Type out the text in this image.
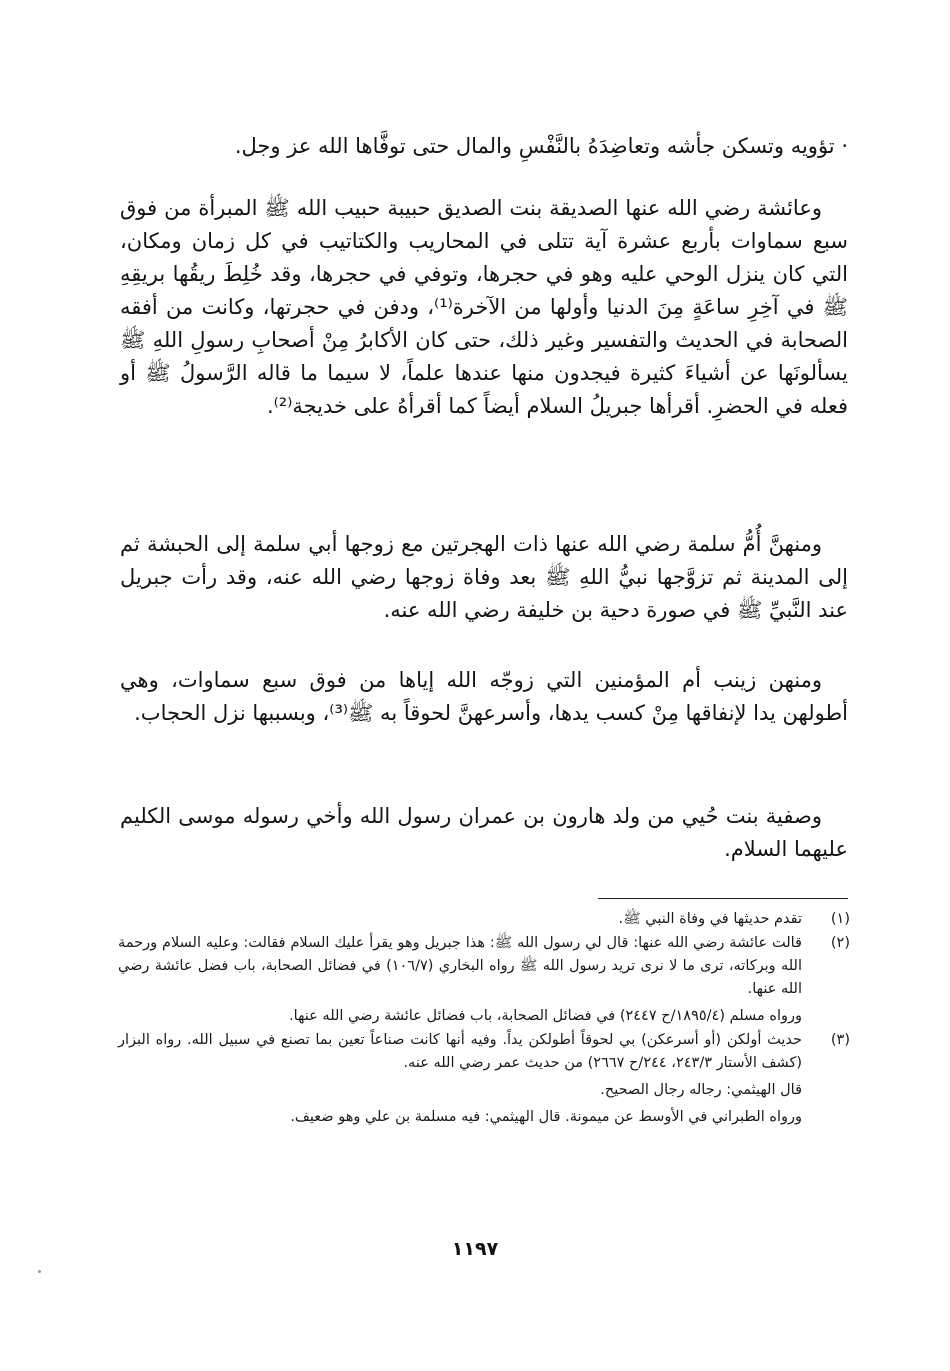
· تؤويه وتسكن جأشه وتعاضِدَهُ بالنَّفْسِ والمال حتى توفَّاها الله عز وجل.

وعائشة رضي الله عنها الصديقة بنت الصديق حبيبة حبيب الله ﷺ المبرأة من فوق سبع سماوات بأربع عشرة آية تتلى في المحاريب والكتاتيب في كل زمان ومكان، التي كان ينزل الوحي عليه وهو في حجرها، وتوفي في حجرها، وقد خُلِطَ ريقُها بريقِهِ ﷺ في آخِرِ ساعَةٍ مِنَ الدنيا وأولها من الآخرة⁽¹⁾، ودفن في حجرتها، وكانت من أفقه الصحابة في الحديث والتفسير وغير ذلك، حتى كان الأكابرُ مِنْ أصحابِ رسولِ اللهِ ﷺ يسألونَها عن أشياءَ كثيرة فيجدون منها عندها علماً، لا سيما ما قاله الرَّسولُ ﷺ أو فعله في الحضرِ. أقرأها جبريلُ السلام أيضاً كما أقرأهُ على خديجة⁽²⁾.

ومنهنَّ أُمُّ سلمة رضي الله عنها ذات الهجرتين مع زوجها أبي سلمة إلى الحبشة ثم إلى المدينة ثم تزوَّجها نبيُّ اللهِ ﷺ بعد وفاة زوجها رضي الله عنه، وقد رأت جبريل عند النَّبيِّ ﷺ في صورة دحية بن خليفة رضي الله عنه.

ومنهن زينب أم المؤمنين التي زوجّه الله إياها من فوق سبع سماوات، وهي أطولهن يدا لإنفاقها مِنْ كسب يدها، وأسرعهنَّ لحوقاً به ﷺ⁽³⁾، وبسببها نزل الحجاب.

وصفية بنت حُيي من ولد هارون بن عمران رسول الله وأخي رسوله موسى الكليم عليهما السلام.

(١)

تقدم حديثها في وفاة النبي ﷺ.

(٢)

قالت عائشة رضي الله عنها: قال لي رسول الله ﷺ: هذا جبريل وهو يقرأ عليك السلام فقالت: وعليه السلام ورحمة الله وبركاته، ترى ما لا نرى تريد رسول الله ﷺ رواه البخاري (١٠٦/٧) في فضائل الصحابة، باب فضل عائشة رضي الله عنها.

ورواه مسلم (١٨٩٥/٤/ح ٢٤٤٧) في فضائل الصحابة، باب فضائل عائشة رضي الله عنها.

(٣)

حديث أولكن (أو أسرعكن) بي لحوقاً أطولكن يداً. وفيه أنها كانت صناعاً تعين بما تصنع في سبيل الله. رواه البزار (كشف الأستار ٢٤٣/٣، ٢٤٤/ح ٢٦٦٧) من حديث عمر رضي الله عنه.

قال الهيثمي: رجاله رجال الصحيح.

ورواه الطبراني في الأوسط عن ميمونة. قال الهيثمي: فيه مسلمة بن علي وهو ضعيف.

١١٩٧
